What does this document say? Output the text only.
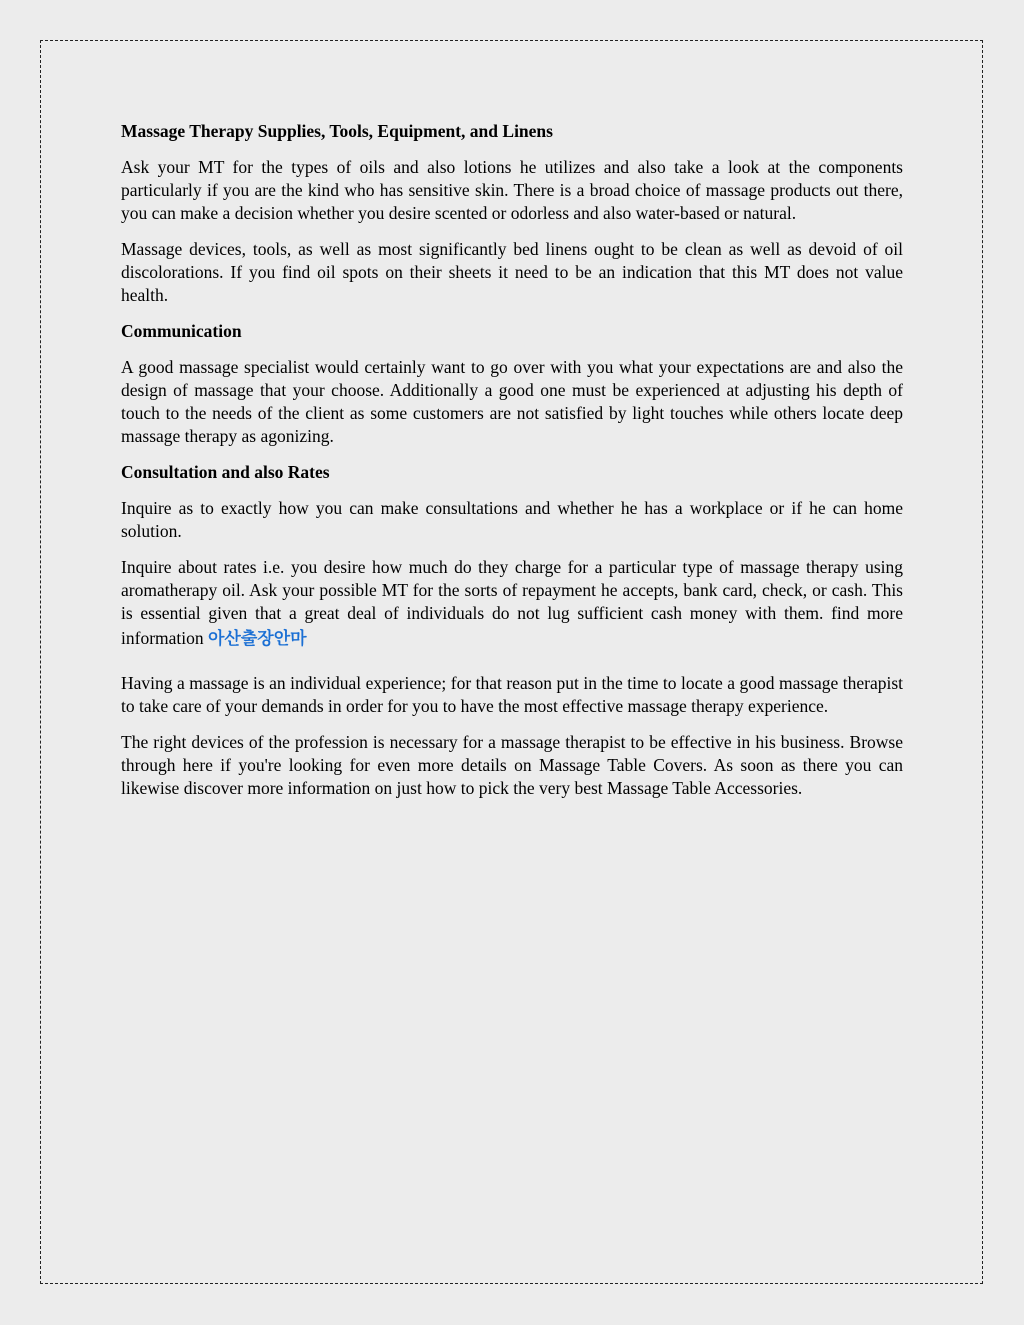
Massage Therapy Supplies, Tools, Equipment, and Linens

Ask your MT for the types of oils and also lotions he utilizes and also take a look at the components particularly if you are the kind who has sensitive skin. There is a broad choice of massage products out there, you can make a decision whether you desire scented or odorless and also water-based or natural.

Massage devices, tools, as well as most significantly bed linens ought to be clean as well as devoid of oil discolorations. If you find oil spots on their sheets it need to be an indication that this MT does not value health.

Communication

A good massage specialist would certainly want to go over with you what your expectations are and also the design of massage that your choose. Additionally a good one must be experienced at adjusting his depth of touch to the needs of the client as some customers are not satisfied by light touches while others locate deep massage therapy as agonizing.

Consultation and also Rates

Inquire as to exactly how you can make consultations and whether he has a workplace or if he can home solution.

Inquire about rates i.e. you desire how much do they charge for a particular type of massage therapy using aromatherapy oil. Ask your possible MT for the sorts of repayment he accepts, bank card, check, or cash. This is essential given that a great deal of individuals do not lug sufficient cash money with them. find more information 아산출장안마

Having a massage is an individual experience; for that reason put in the time to locate a good massage therapist to take care of your demands in order for you to have the most effective massage therapy experience.

The right devices of the profession is necessary for a massage therapist to be effective in his business. Browse through here if you're looking for even more details on Massage Table Covers. As soon as there you can likewise discover more information on just how to pick the very best Massage Table Accessories.
